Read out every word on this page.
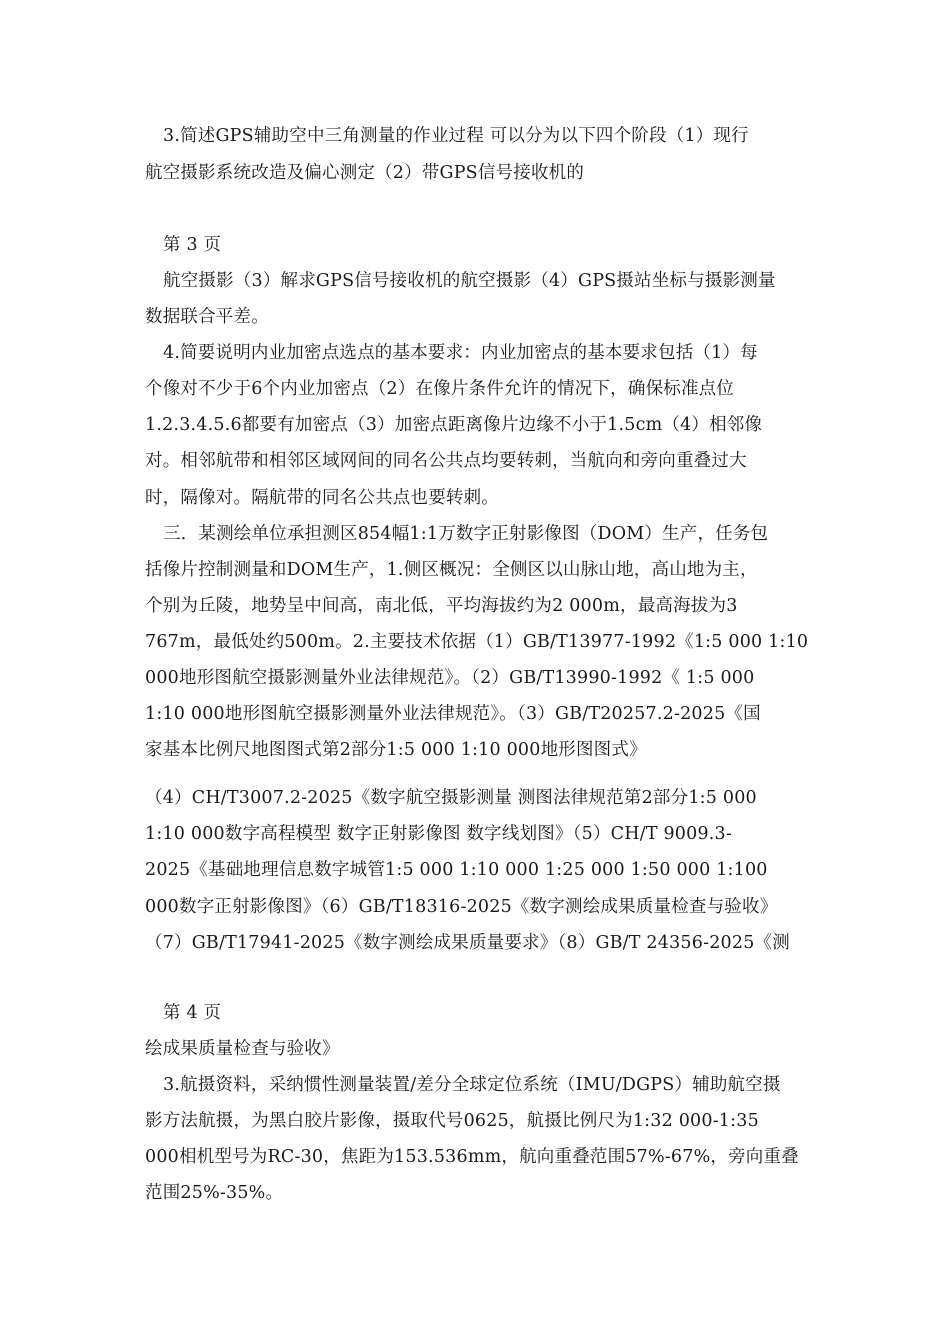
3.简述GPS辅助空中三角测量的作业过程 可以分为以下四个阶段（1）现行

航空摄影系统改造及偏心测定（2）带GPS信号接收机的

第 3 页

航空摄影（3）解求GPS信号接收机的航空摄影（4）GPS摄站坐标与摄影测量

数据联合平差。

4.简要说明内业加密点选点的基本要求：内业加密点的基本要求包括（1）每

个像对不少于6个内业加密点（2）在像片条件允许的情况下，确保标准点位

1.2.3.4.5.6都要有加密点（3）加密点距离像片边缘不小于1.5cm（4）相邻像

对。相邻航带和相邻区域网间的同名公共点均要转刺，当航向和旁向重叠过大

时，隔像对。隔航带的同名公共点也要转刺。

三．某测绘单位承担测区854幅1:1万数字正射影像图（DOM）生产，任务包

括像片控制测量和DOM生产，1.侧区概况：全侧区以山脉山地，高山地为主，

个别为丘陵，地势呈中间高，南北低，平均海拔约为2 000m，最高海拔为3

767m，最低处约500m。2.主要技术依据（1）GB/T13977-1992《1:5 000 1:10

000地形图航空摄影测量外业法律规范》。（2）GB/T13990-1992《 1:5 000

1:10 000地形图航空摄影测量外业法律规范》。（3）GB/T20257.2-2025《国

家基本比例尺地图图式第2部分1:5 000 1:10 000地形图图式》

（4）CH/T3007.2-2025《数字航空摄影测量 测图法律规范第2部分1:5 000

1:10 000数字高程模型 数字正射影像图 数字线划图》（5）CH/T 9009.3-

2025《基础地理信息数字城管1:5 000 1:10 000 1:25 000 1:50 000 1:100

000数字正射影像图》（6）GB/T18316-2025《数字测绘成果质量检查与验收》

（7）GB/T17941-2025《数字测绘成果质量要求》（8）GB/T 24356-2025《测

第 4 页

绘成果质量检查与验收》

3.航摄资料，采纳惯性测量装置/差分全球定位系统（IMU/DGPS）辅助航空摄

影方法航摄，为黑白胶片影像，摄取代号0625，航摄比例尺为1:32 000-1:35

000相机型号为RC-30，焦距为153.536mm，航向重叠范围57%-67%，旁向重叠

范围25%-35%。
